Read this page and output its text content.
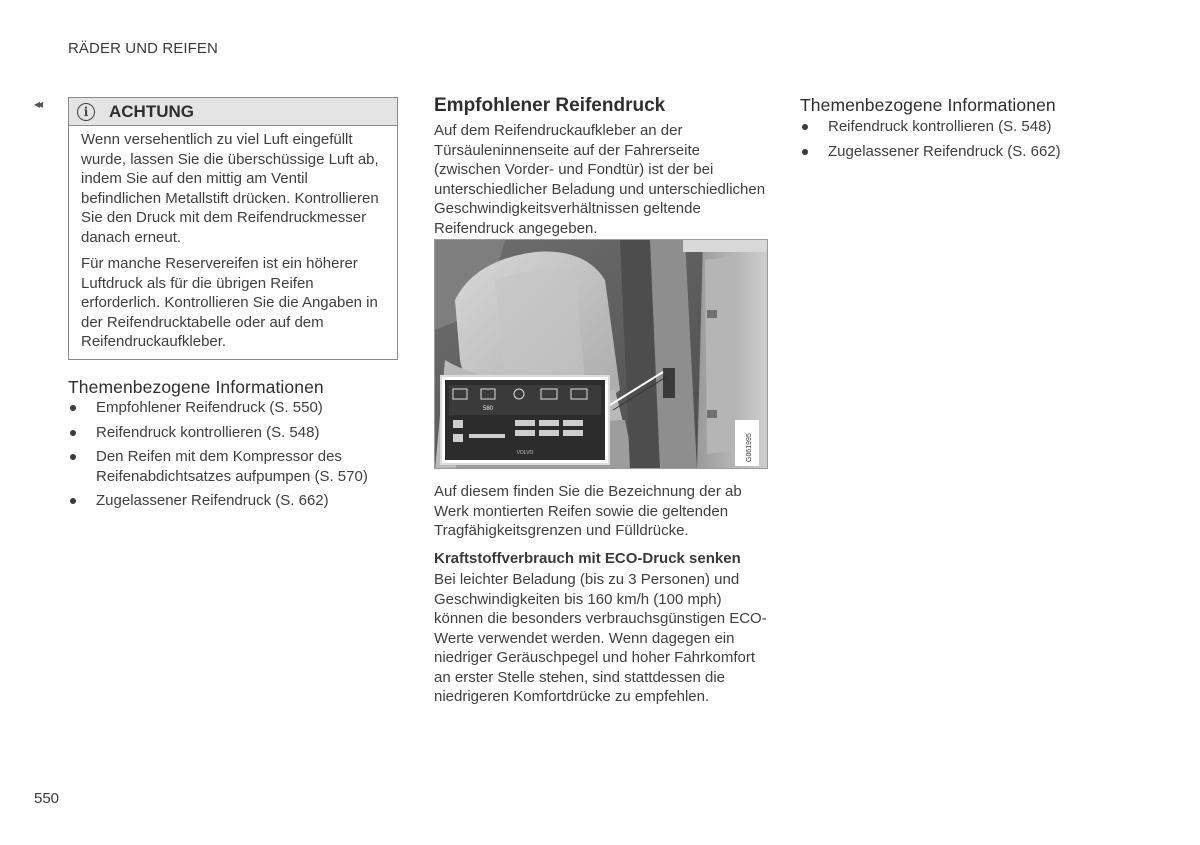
RÄDER UND REIFEN
◂◂
i	ACHTUNG

Wenn versehentlich zu viel Luft eingefüllt wurde, lassen Sie die überschüssige Luft ab, indem Sie auf den mittig am Ventil befindlichen Metallstift drücken. Kontrollieren Sie den Druck mit dem Reifendruckmesser danach erneut.

Für manche Reservereifen ist ein höherer Luftdruck als für die übrigen Reifen erforderlich. Kontrollieren Sie die Angaben in der Reifendrucktabelle oder auf dem Reifendruckaufkleber.

Themenbezogene Informationen
Empfohlener Reifendruck (S. 550)
Reifendruck kontrollieren (S. 548)
Den Reifen mit dem Kompressor des Reifenabdichtsatzes aufpumpen (S. 570)
Zugelassener Reifendruck (S. 662)
Empfohlener Reifendruck

Auf dem Reifendruckaufkleber an der Türsäuleninnenseite auf der Fahrerseite (zwischen Vorder- und Fondtür) ist der bei unterschiedlicher Beladung und unterschiedlichen Geschwindigkeitsverhältnissen geltende Reifendruck angegeben.

580
VOLVO	G061995

Auf diesem finden Sie die Bezeichnung der ab Werk montierten Reifen sowie die geltenden Tragfähigkeitsgrenzen und Fülldrücke.

Kraftstoffverbrauch mit ECO-Druck senken

Bei leichter Beladung (bis zu 3 Personen) und Geschwindigkeiten bis 160 km/h (100 mph) können die besonders verbrauchsgünstigen ECO-Werte verwendet werden. Wenn dagegen ein niedriger Geräuschpegel und hoher Fahrkomfort an erster Stelle stehen, sind stattdessen die niedrigeren Komfortdrücke zu empfehlen.

Themenbezogene Informationen
Reifendruck kontrollieren (S. 548)
Zugelassener Reifendruck (S. 662)
550
